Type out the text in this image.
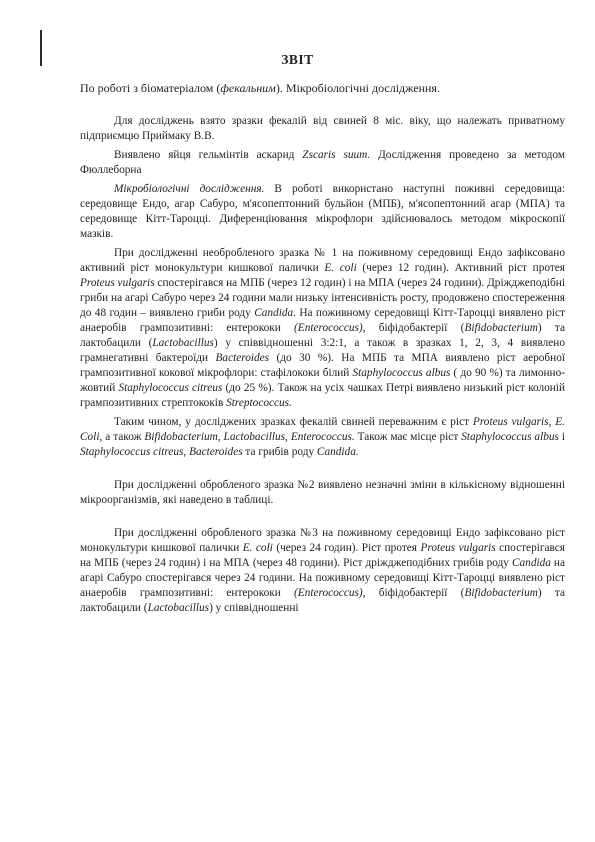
ЗВІТ
По роботі з біоматеріалом (фекальним). Мікробіологічні дослідження.

Для досліджень взято зразки фекалій від свиней 8 міс. віку, що належать приватному підприємцю Приймаку В.В.

Виявлено яйця гельмінтів аскарид Zscaris suum. Дослідження проведено за методом Фюллеборна

Мікробіологічні дослідження. В роботі використано наступні поживні середовища: середовище Ендо, агар Сабуро, м'ясопептонний бульйон (МПБ), м'ясопептонний агар (МПА) та середовище Кітт-Тароцці. Диференціювання мікрофлори здійснювалось методом мікроскопії мазків.

При дослідженні необробленого зразка № 1 на поживному середовищі Ендо зафіксовано активний ріст монокультури кишкової палички E. coli (через 12 годин). Активний ріст протея Proteus vulgaris спостерігався на МПБ (через 12 годин) і на МПА (через 24 години). Дріжджеподібні гриби на агарі Сабуро через 24 години мали низьку інтенсивність росту, продовжено спостереження до 48 годин – виявлено гриби роду Candida. На поживному середовищі Кітт-Тароцці виявлено ріст анаеробів грампозитивні: ентерококи (Enterococcus), біфідобактерії (Bifidobacterium) та лактобацили (Lactobacillus) у співвідношенні 3:2:1, а також в зразках 1, 2, 3, 4 виявлено грамнегативні бактероїди Bacteroides (до 30 %). На МПБ та МПА виявлено ріст аеробної грампозитивної кокової мікрофлори: стафілококи білий Staphylococcus albus ( до 90 %) та лимонно-жовтий Staphylococcus citreus (до 25 %). Також на усіх чашках Петрі виявлено низький ріст колоній грампозитивних стрептококів Streptococcus.

Таким чином, у досліджених зразках фекалій свиней переважним є ріст Proteus vulgaris, E. Coli, а також Bifidobacterium, Lactobacillus, Enterococcus. Також має місце ріст Staphylococcus albus і Staphylococcus citreus, Bacteroides та грибів роду Candida.

При дослідженні обробленого зразка №2 виявлено незначні зміни в кількісному відношенні мікроорганізмів, які наведено в таблиці.

При дослідженні обробленого зразка №3 на поживному середовищі Ендо зафіксовано ріст монокультури кишкової палички E. coli (через 24 годин). Ріст протея Proteus vulgaris спостерігався на МПБ (через 24 годин) і на МПА (через 48 години). Ріст дріжджеподібних грибів роду Candida на агарі Сабуро спостерігався через 24 години. На поживному середовищі Кітт-Тароцці виявлено ріст анаеробів грампозитивні: ентерококи (Enterococcus), біфідобактерії (Bifidobacterium) та лактобацили (Lactobacillus) у співвідношенні
